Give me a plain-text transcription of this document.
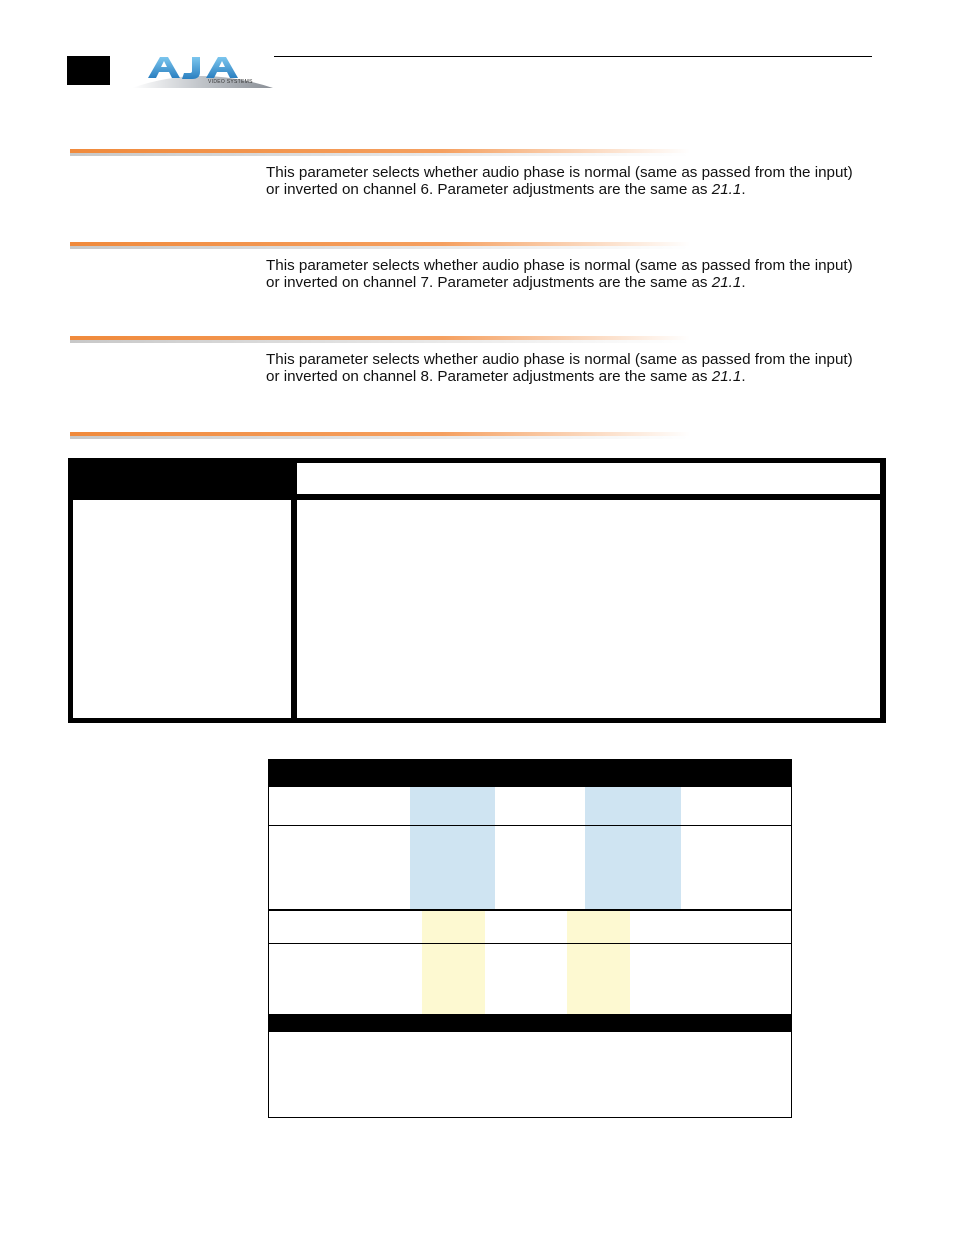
VIDEO SYSTEMS
This parameter selects whether audio phase is normal (same as passed from the input) or inverted on channel 6. Parameter adjustments are the same as 21.1.
This parameter selects whether audio phase is normal (same as passed from the input) or inverted on channel 7. Parameter adjustments are the same as 21.1.
This parameter selects whether audio phase is normal (same as passed from the input) or inverted on channel 8. Parameter adjustments are the same as 21.1.
